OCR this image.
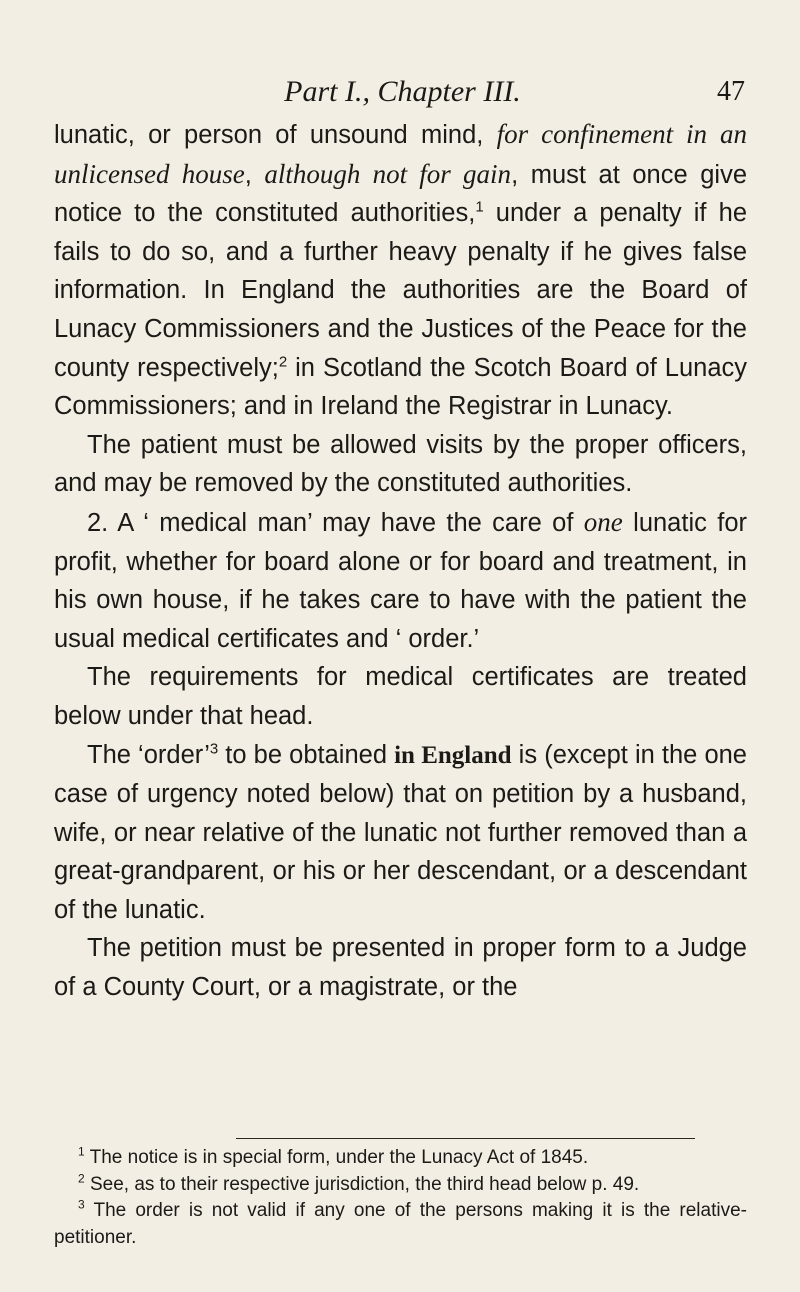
Part I., Chapter III.	47

lunatic, or person of unsound mind, for confinement in an unlicensed house, although not for gain, must at once give notice to the constituted authorities,$^1$ under a penalty if he fails to do so, and a further heavy penalty if he gives false information. In England the authorities are the Board of Lunacy Commissioners and the Justices of the Peace for the county respectively;$^2$ in Scotland the Scotch Board of Lunacy Commissioners; and in Ireland the Registrar in Lunacy.

The patient must be allowed visits by the proper officers, and may be removed by the constituted authorities.

2. A ‘ medical man’ may have the care of one lunatic for profit, whether for board alone or for board and treatment, in his own house, if he takes care to have with the patient the usual medical certificates and ‘ order.’

The requirements for medical certificates are treated below under that head.

The ‘order’$^3$ to be obtained in England is (except in the one case of urgency noted below) that on petition by a husband, wife, or near relative of the lunatic not further removed than a great-grandparent, or his or her descendant, or a descendant of the lunatic.

The petition must be presented in proper form to a Judge of a County Court, or a magistrate, or the

$^1$ The notice is in special form, under the Lunacy Act of 1845.

$^2$ See, as to their respective jurisdiction, the third head below p. 49.

$^3$ The order is not valid if any one of the persons making it is the relative-petitioner.
